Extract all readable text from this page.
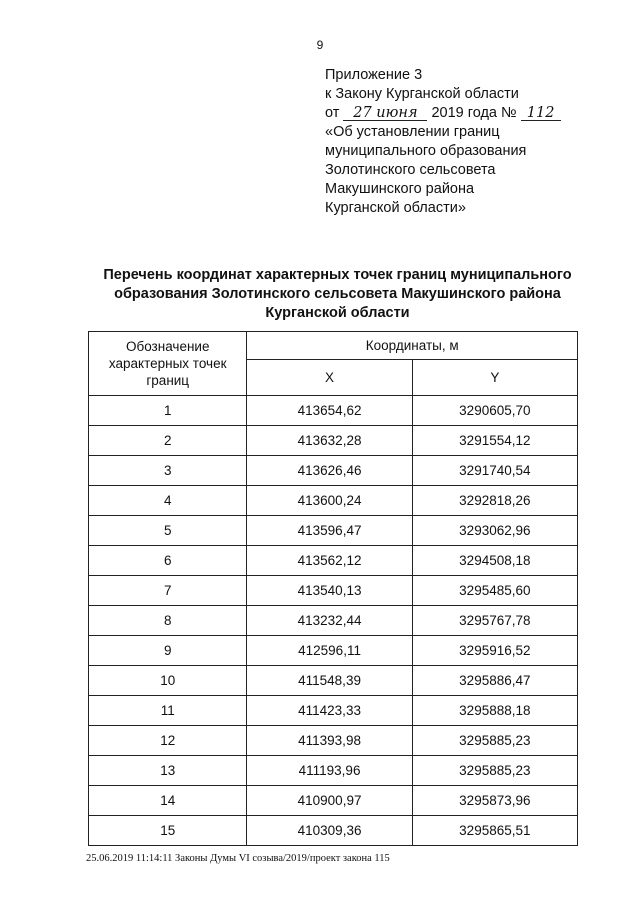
9
Приложение 3
к Закону Курганской области
от 27 июня 2019 года № 112
«Об установлении границ
муниципального образования
Золотинского сельсовета
Макушинского района
Курганской области»
Перечень координат характерных точек границ муниципального
образования Золотинского сельсовета Макушинского района
Курганской области
Обозначение характерных точек границ	Координаты, м	
	X	Y
1	413654,62	3290605,70
2	413632,28	3291554,12
3	413626,46	3291740,54
4	413600,24	3292818,26
5	413596,47	3293062,96
6	413562,12	3294508,18
7	413540,13	3295485,60
8	413232,44	3295767,78
9	412596,11	3295916,52
10	411548,39	3295886,47
11	411423,33	3295888,18
12	411393,98	3295885,23
13	411193,96	3295885,23
14	410900,97	3295873,96
15	410309,36	3295865,51
25.06.2019 11:14:11 Законы Думы VI созыва/2019/проект закона 115
